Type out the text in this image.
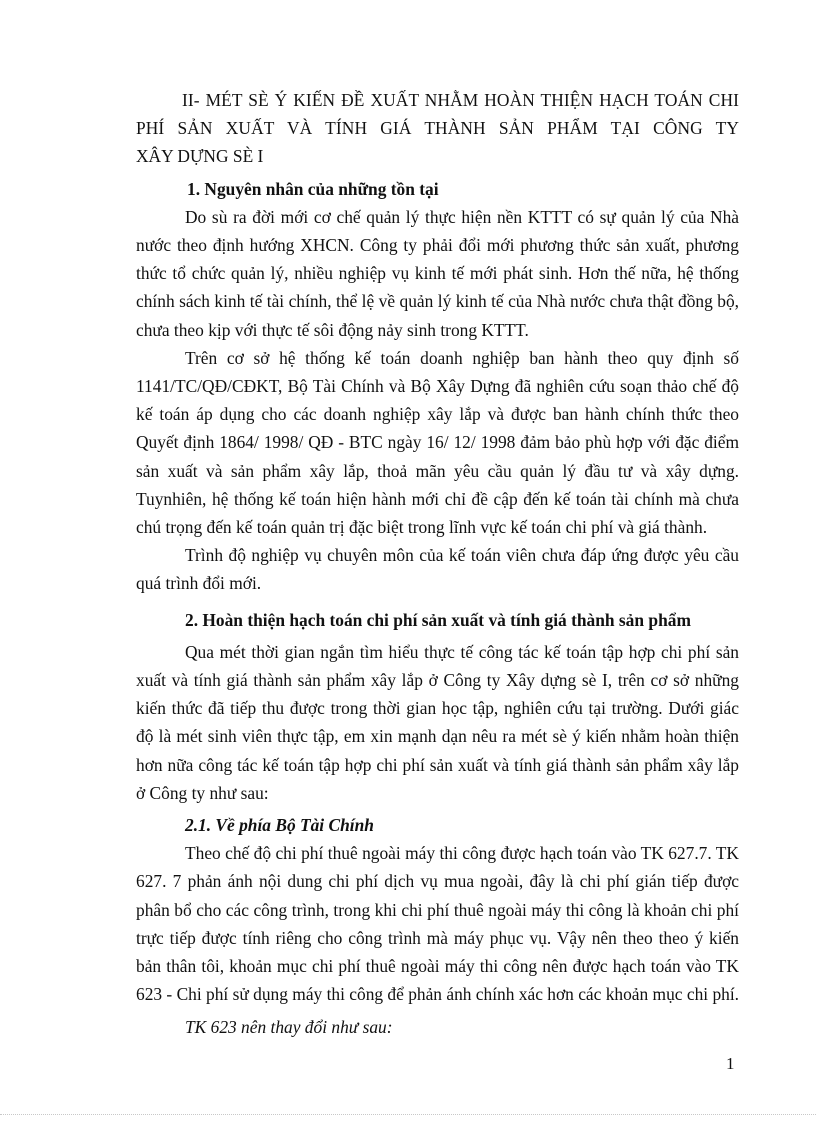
II- MÉT SÈ Ý KIẾN ĐỀ XUẤT NHẰM HOÀN THIỆN HẠCH TOÁN CHI PHÍ SẢN XUẤT VÀ TÍNH GIÁ THÀNH SẢN PHẨM TẠI CÔNG TY

XÂY DỰNG SÈ I

1. Nguyên nhân của những tồn tại

Do sù ra đời mới cơ chế quản lý thực hiện nền KTTT có sự quản lý của Nhà nước theo định hướng XHCN. Công ty phải đổi mới phương thức sản xuất, phương thức tổ chức quản lý, nhiều nghiệp vụ kinh tế mới phát sinh. Hơn thế nữa, hệ thống chính sách kinh tế tài chính, thể lệ về quản lý kinh tế của Nhà nước chưa thật đồng bộ, chưa theo kịp với thực tế sôi động nảy sinh trong KTTT.

Trên cơ sở hệ thống kế toán doanh nghiệp ban hành theo quy định số 1141/TC/QĐ/CĐKT, Bộ Tài Chính và Bộ Xây Dựng đã nghiên cứu soạn thảo chế độ kế toán áp dụng cho các doanh nghiệp xây lắp và được ban hành chính thức theo Quyết định 1864/ 1998/ QĐ - BTC ngày 16/ 12/ 1998 đảm bảo phù hợp với đặc điểm sản xuất và sản phẩm xây lắp, thoả mãn yêu cầu quản lý đầu tư và xây dựng. Tuynhiên, hệ thống kế toán hiện hành mới chỉ đề cập đến kế toán tài chính mà chưa chú trọng đến kế toán quản trị đặc biệt trong lĩnh vực kế toán chi phí và giá thành.

Trình độ nghiệp vụ chuyên môn của kế toán viên chưa đáp ứng được yêu cầu quá trình đổi mới.

2. Hoàn thiện hạch toán chi phí sản xuất và tính giá thành sản phẩm

Qua mét thời gian ngắn tìm hiểu thực tế công tác kế toán tập hợp chi phí sản xuất và tính giá thành sản phẩm xây lắp ở Công ty Xây dựng sè I, trên cơ sở những kiến thức đã tiếp thu được trong thời gian học tập, nghiên cứu tại trường. Dưới giác độ là mét sinh viên thực tập, em xin mạnh dạn nêu ra mét sè ý kiến nhằm hoàn thiện hơn nữa công tác kế toán tập hợp chi phí sản xuất và tính giá thành sản phẩm xây lắp ở Công ty như sau:

2.1. Về phía Bộ Tài Chính

Theo chế độ chi phí thuê ngoài máy thi công được hạch toán vào TK 627.7. TK 627. 7 phản ánh nội dung chi phí dịch vụ mua ngoài, đây là chi phí gián tiếp được phân bổ cho các công trình, trong khi chi phí thuê ngoài máy thi công là khoản chi phí trực tiếp được tính riêng cho công trình mà máy phục vụ. Vậy nên theo theo ý kiến bản thân tôi, khoản mục chi phí thuê ngoài máy thi công nên được hạch toán vào TK 623 - Chi phí sử dụng máy thi công để phản ánh chính xác hơn các khoản mục chi phí.

TK 623 nên thay đổi như sau:

1
